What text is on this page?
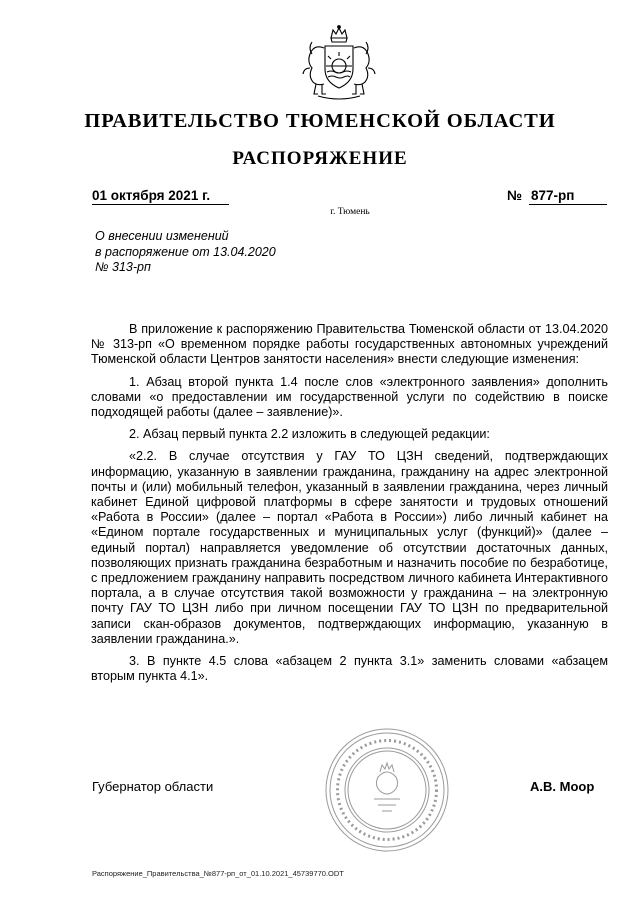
ПРАВИТЕЛЬСТВО ТЮМЕНСКОЙ ОБЛАСТИ
РАСПОРЯЖЕНИЕ
01 октября 2021 г.	№ 877-рп
г. Тюмень
О внесении изменений
в распоряжение от 13.04.2020
№ 313-рп

В приложение к распоряжению Правительства Тюменской области от 13.04.2020 № 313-рп «О временном порядке работы государственных автономных учреждений Тюменской области Центров занятости населения» внести следующие изменения:

1. Абзац второй пункта 1.4 после слов «электронного заявления» дополнить словами «о предоставлении им государственной услуги по содействию в поиске подходящей работы (далее – заявление)».

2. Абзац первый пункта 2.2 изложить в следующей редакции:

«2.2. В случае отсутствия у ГАУ ТО ЦЗН сведений, подтверждающих информацию, указанную в заявлении гражданина, гражданину на адрес электронной почты и (или) мобильный телефон, указанный в заявлении гражданина, через личный кабинет Единой цифровой платформы в сфере занятости и трудовых отношений «Работа в России» (далее – портал «Работа в России») либо личный кабинет на «Едином портале государственных и муниципальных услуг (функций)» (далее – единый портал) направляется уведомление об отсутствии достаточных данных, позволяющих признать гражданина безработным и назначить пособие по безработице, с предложением гражданину направить посредством личного кабинета Интерактивного портала, а в случае отсутствия такой возможности у гражданина – на электронную почту ГАУ ТО ЦЗН либо при личном посещении ГАУ ТО ЦЗН по предварительной записи скан-образов документов, подтверждающих информацию, указанную в заявлении гражданина.».

3. В пункте 4.5 слова «абзацем 2 пункта 3.1» заменить словами «абзацем вторым пункта 4.1».

Губернатор области	А.В. Моор
Распоряжение_Правительства_№877-рп_от_01.10.2021_45739770.ODT
